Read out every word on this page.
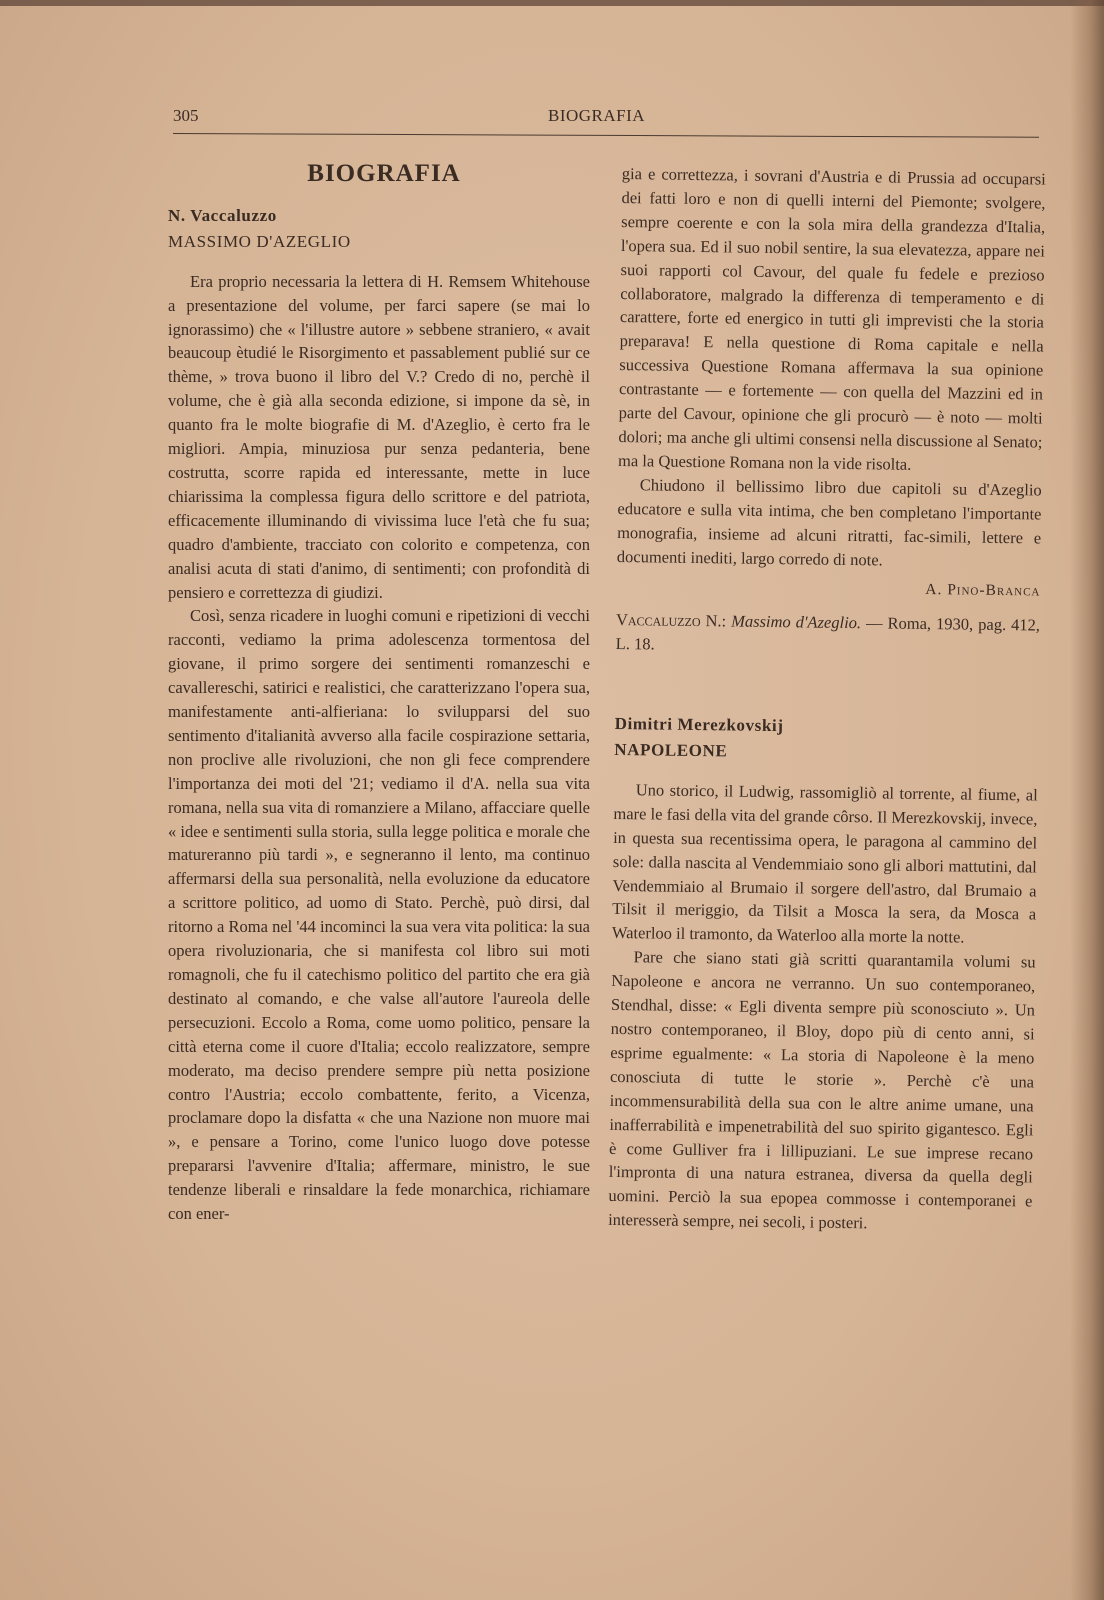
305	BIOGRAFIA
BIOGRAFIA
N. Vaccaluzzo
MASSIMO D'AZEGLIO

Era proprio necessaria la lettera di H. Remsem Whitehouse a presentazione del volume, per farci sapere (se mai lo ignorassimo) che « l'illustre autore » sebbene straniero, « avait beaucoup ètudié le Risorgimento et passablement publié sur ce thème, » trova buono il libro del V.? Credo di no, perchè il volume, che è già alla seconda edizione, si impone da sè, in quanto fra le molte biografie di M. d'Azeglio, è certo fra le migliori. Ampia, minuziosa pur senza pedanteria, bene costrutta, scorre rapida ed interessante, mette in luce chiarissima la complessa figura dello scrittore e del patriota, efficacemente illuminando di vivissima luce l'età che fu sua; quadro d'ambiente, tracciato con colorito e competenza, con analisi acuta di stati d'animo, di sentimenti; con profondità di pensiero e correttezza di giudizi.

Così, senza ricadere in luoghi comuni e ripetizioni di vecchi racconti, vediamo la prima adolescenza tormentosa del giovane, il primo sorgere dei sentimenti romanzeschi e cavallereschi, satirici e realistici, che caratterizzano l'opera sua, manifestamente anti-alfieriana: lo svilupparsi del suo sentimento d'italianità avverso alla facile cospirazione settaria, non proclive alle rivoluzioni, che non gli fece comprendere l'importanza dei moti del '21; vediamo il d'A. nella sua vita romana, nella sua vita di romanziere a Milano, affacciare quelle « idee e sentimenti sulla storia, sulla legge politica e morale che matureranno più tardi », e segneranno il lento, ma continuo affermarsi della sua personalità, nella evoluzione da educatore a scrittore politico, ad uomo di Stato. Perchè, può dirsi, dal ritorno a Roma nel '44 incominci la sua vera vita politica: la sua opera rivoluzionaria, che si manifesta col libro sui moti romagnoli, che fu il catechismo politico del partito che era già destinato al comando, e che valse all'autore l'aureola delle persecuzioni. Eccolo a Roma, come uomo politico, pensare la città eterna come il cuore d'Italia; eccolo realizzatore, sempre moderato, ma deciso prendere sempre più netta posizione contro l'Austria; eccolo combattente, ferito, a Vicenza, proclamare dopo la disfatta « che una Nazione non muore mai », e pensare a Torino, come l'unico luogo dove potesse prepararsi l'avvenire d'Italia; affermare, ministro, le sue tendenze liberali e rinsaldare la fede monarchica, richiamare con ener-

gia e correttezza, i sovrani d'Austria e di Prussia ad occuparsi dei fatti loro e non di quelli interni del Piemonte; svolgere, sempre coerente e con la sola mira della grandezza d'Italia, l'opera sua. Ed il suo nobil sentire, la sua elevatezza, appare nei suoi rapporti col Cavour, del quale fu fedele e prezioso collaboratore, malgrado la differenza di temperamento e di carattere, forte ed energico in tutti gli imprevisti che la storia preparava! E nella questione di Roma capitale e nella successiva Questione Romana affermava la sua opinione contrastante — e fortemente — con quella del Mazzini ed in parte del Cavour, opinione che gli procurò — è noto — molti dolori; ma anche gli ultimi consensi nella discussione al Senato; ma la Questione Romana non la vide risolta.

Chiudono il bellissimo libro due capitoli su d'Azeglio educatore e sulla vita intima, che ben completano l'importante monografia, insieme ad alcuni ritratti, fac-simili, lettere e documenti inediti, largo corredo di note.

A. Pino-Branca

Vaccaluzzo N.: Massimo d'Azeglio. — Roma, 1930, pag. 412, L. 18.

Dimitri Merezkovskij
NAPOLEONE

Uno storico, il Ludwig, rassomigliò al torrente, al fiume, al mare le fasi della vita del grande côrso. Il Merezkovskij, invece, in questa sua recentissima opera, le paragona al cammino del sole: dalla nascita al Vendemmiaio sono gli albori mattutini, dal Vendemmiaio al Brumaio il sorgere dell'astro, dal Brumaio a Tilsit il meriggio, da Tilsit a Mosca la sera, da Mosca a Waterloo il tramonto, da Waterloo alla morte la notte.

Pare che siano stati già scritti quarantamila volumi su Napoleone e ancora ne verranno. Un suo contemporaneo, Stendhal, disse: « Egli diventa sempre più sconosciuto ». Un nostro contemporaneo, il Bloy, dopo più di cento anni, si esprime egualmente: « La storia di Napoleone è la meno conosciuta di tutte le storie ». Perchè c'è una incommensurabilità della sua con le altre anime umane, una inafferrabilità e impenetrabilità del suo spirito gigantesco. Egli è come Gulliver fra i lillipuziani. Le sue imprese recano l'impronta di una natura estranea, diversa da quella degli uomini. Perciò la sua epopea commosse i contemporanei e interesserà sempre, nei secoli, i posteri.
